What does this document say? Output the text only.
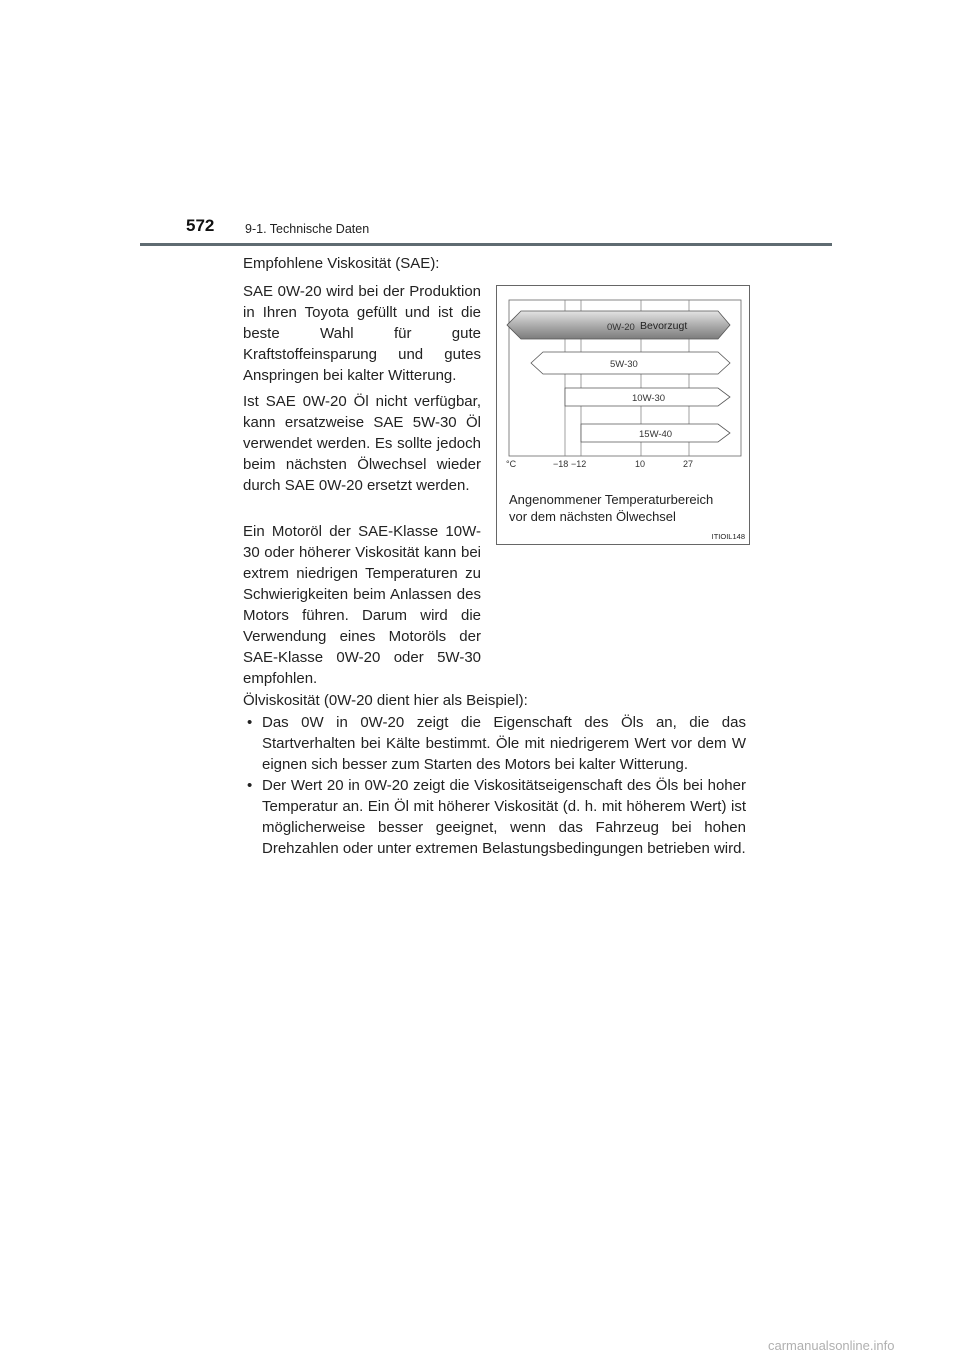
572 9-1. Technische Daten
Empfohlene Viskosität (SAE):

SAE 0W-20 wird bei der Produktion in Ihren Toyota gefüllt und ist die beste Wahl für gute Kraftstoffeinsparung und gutes Anspringen bei kalter Witterung.

Ist SAE 0W-20 Öl nicht verfügbar, kann ersatzweise SAE 5W-30 Öl verwendet werden. Es sollte jedoch beim nächsten Ölwechsel wieder durch SAE 0W-20 ersetzt werden.

Ein Motoröl der SAE-Klasse 10W-30 oder höherer Viskosität kann bei extrem niedrigen Temperaturen zu Schwierigkeiten beim Anlassen des Motors führen. Darum wird die Verwendung eines Motoröls der SAE-Klasse 0W-20 oder 5W-30 empfohlen.

0W-20 Bevorzugt
5W-30
10W-30
15W-40
°C	−18 −12	10	27
Angenommener Temperaturbereich
vor dem nächsten Ölwechsel
ITIOIL148
Ölviskosität (0W-20 dient hier als Beispiel):
• Das 0W in 0W-20 zeigt die Eigenschaft des Öls an, die das Startverhalten bei Kälte bestimmt. Öle mit niedrigerem Wert vor dem W eignen sich besser zum Starten des Motors bei kalter Witterung.
• Der Wert 20 in 0W-20 zeigt die Viskositätseigenschaft des Öls bei hoher Temperatur an. Ein Öl mit höherer Viskosität (d. h. mit höherem Wert) ist möglicherweise besser geeignet, wenn das Fahrzeug bei hohen Drehzahlen oder unter extremen Belastungsbedingungen betrieben wird.
carmanualsonline.info
